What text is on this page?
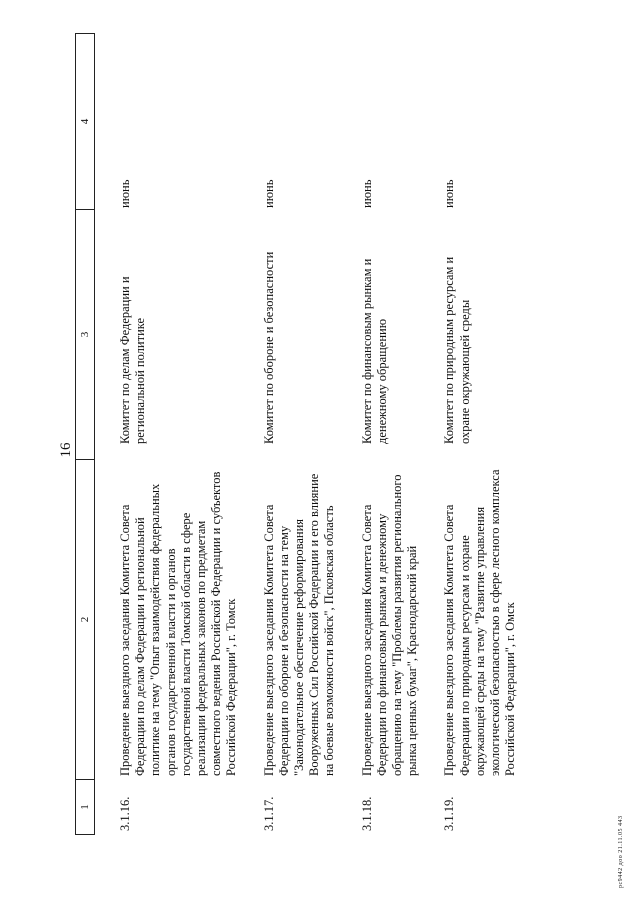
16
1
2
3
4
3.1.16.
Проведение выездного заседания Комитета Совета Федерации по делам Федерации и региональной политике на тему "Опыт взаимодействия федеральных органов государственной власти и органов государственной власти Томской области в сфере реализации федеральных законов по предметам совместного ведения Российской Федерации и субъектов Российской Федерации", г. Томск
Комитет по делам Федерации и региональной политике
июнь
3.1.17.
Проведение выездного заседания Комитета Совета Федерации по обороне и безопасности на тему "Законодательное обеспечение реформирования Вооруженных Сил Российской Федерации и его влияние на боевые возможности войск", Псковская область
Комитет по обороне и безопасности
июнь
3.1.18.
Проведение выездного заседания Комитета Совета Федерации по финансовым рынкам и денежному обращению на тему "Проблемы развития регионального рынка ценных бумаг", Краснодарский край
Комитет по финансовым рынкам и денежному обращению
июнь
3.1.19.
Проведение выездного заседания Комитета Совета Федерации по природным ресурсам и охране окружающей среды на тему "Развитие управления экологической безопасностью в сфере лесного комплекса Российской Федерации", г. Омск
Комитет по природным ресурсам и охране окружающей среды
июнь
рс9442 доо 21.11.05 443
